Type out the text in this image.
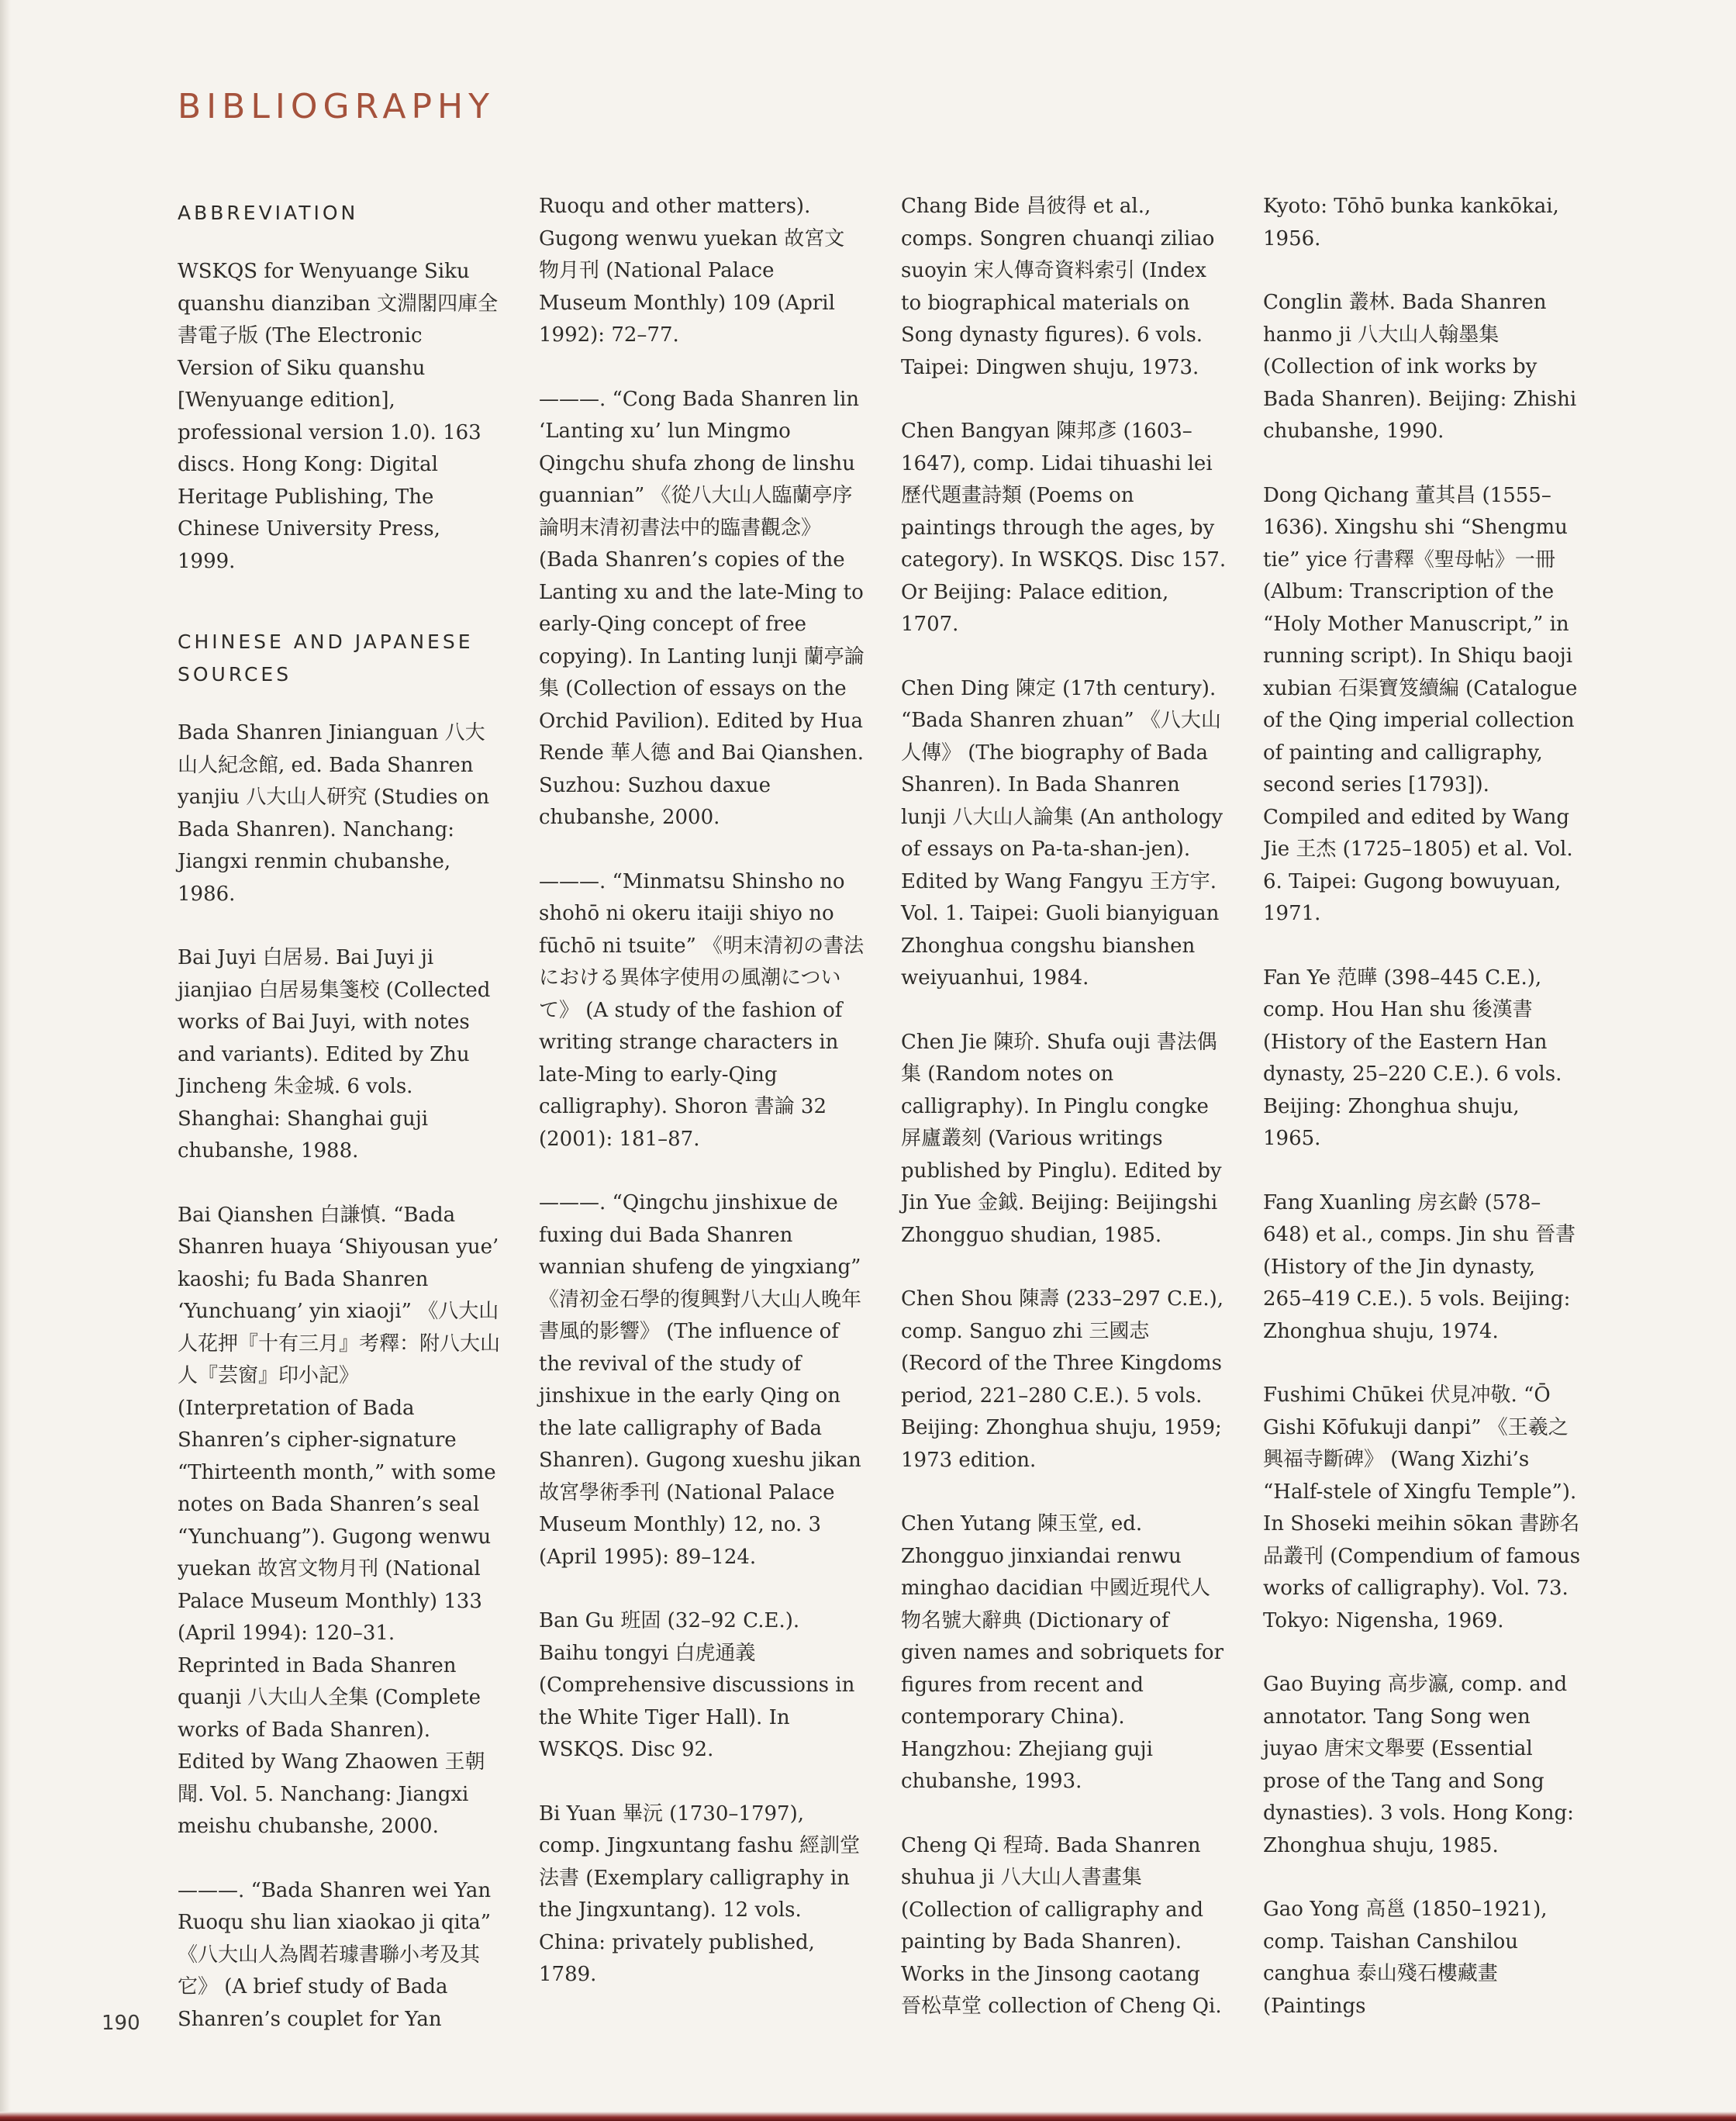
BIBLIOGRAPHY
ABBREVIATION

WSKQS for Wenyuange Siku quanshu dianziban 文淵閣四庫全書電子版 (The Electronic Version of Siku quanshu [Wenyuange edition], professional version 1.0). 163 discs. Hong Kong: Digital Heritage Publishing, The Chinese University Press, 1999.

CHINESE AND JAPANESE SOURCES

Bada Shanren Jinianguan 八大山人紀念館, ed. Bada Shanren yanjiu 八大山人研究 (Studies on Bada Shanren). Nanchang: Jiangxi renmin chubanshe, 1986.

Bai Juyi 白居易. Bai Juyi ji jianjiao 白居易集箋校 (Collected works of Bai Juyi, with notes and variants). Edited by Zhu Jincheng 朱金城. 6 vols. Shanghai: Shanghai guji chubanshe, 1988.

Bai Qianshen 白謙慎. “Bada Shanren huaya ‘Shiyousan yue’ kaoshi; fu Bada Shanren ‘Yunchuang’ yin xiaoji” 《八大山人花押『十有三月』考釋：附八大山人『芸窗』印小記》 (Interpretation of Bada Shanren’s cipher-signature “Thirteenth month,” with some notes on Bada Shanren’s seal “Yunchuang”). Gugong wenwu yuekan 故宮文物月刊 (National Palace Museum Monthly) 133 (April 1994): 120–31. Reprinted in Bada Shanren quanji 八大山人全集 (Complete works of Bada Shanren). Edited by Wang Zhaowen 王朝聞. Vol. 5. Nanchang: Jiangxi meishu chubanshe, 2000.

———. “Bada Shanren wei Yan Ruoqu shu lian xiaokao ji qita” 《八大山人為閻若璩書聯小考及其它》 (A brief study of Bada Shanren’s couplet for Yan

Ruoqu and other matters). Gugong wenwu yuekan 故宮文物月刊 (National Palace Museum Monthly) 109 (April 1992): 72–77.

———. “Cong Bada Shanren lin ‘Lanting xu’ lun Mingmo Qingchu shufa zhong de linshu guannian” 《從八大山人臨蘭亭序論明末清初書法中的臨書觀念》 (Bada Shanren’s copies of the Lanting xu and the late-Ming to early-Qing concept of free copying). In Lanting lunji 蘭亭論集 (Collection of essays on the Orchid Pavilion). Edited by Hua Rende 華人德 and Bai Qianshen. Suzhou: Suzhou daxue chubanshe, 2000.

———. “Minmatsu Shinsho no shohō ni okeru itaiji shiyo no fūchō ni tsuite” 《明末清初の書法における異体字使用の風潮について》 (A study of the fashion of writing strange characters in late-Ming to early-Qing calligraphy). Shoron 書論 32 (2001): 181–87.

———. “Qingchu jinshixue de fuxing dui Bada Shanren wannian shufeng de yingxiang” 《清初金石學的復興對八大山人晚年書風的影響》 (The influence of the revival of the study of jinshixue in the early Qing on the late calligraphy of Bada Shanren). Gugong xueshu jikan 故宮學術季刊 (National Palace Museum Monthly) 12, no. 3 (April 1995): 89–124.

Ban Gu 班固 (32–92 C.E.). Baihu tongyi 白虎通義 (Comprehensive discussions in the White Tiger Hall). In WSKQS. Disc 92.

Bi Yuan 畢沅 (1730–1797), comp. Jingxuntang fashu 經訓堂法書 (Exemplary calligraphy in the Jingxuntang). 12 vols. China: privately published, 1789.

Chang Bide 昌彼得 et al., comps. Songren chuanqi ziliao suoyin 宋人傳奇資料索引 (Index to biographical materials on Song dynasty figures). 6 vols. Taipei: Dingwen shuju, 1973.

Chen Bangyan 陳邦彥 (1603–1647), comp. Lidai tihuashi lei 歷代題畫詩類 (Poems on paintings through the ages, by category). In WSKQS. Disc 157. Or Beijing: Palace edition, 1707.

Chen Ding 陳定 (17th century). “Bada Shanren zhuan” 《八大山人傳》 (The biography of Bada Shanren). In Bada Shanren lunji 八大山人論集 (An anthology of essays on Pa-ta-shan-jen). Edited by Wang Fangyu 王方宇. Vol. 1. Taipei: Guoli bianyiguan Zhonghua congshu bianshen weiyuanhui, 1984.

Chen Jie 陳玠. Shufa ouji 書法偶集 (Random notes on calligraphy). In Pinglu congke 屏廬叢刻 (Various writings published by Pinglu). Edited by Jin Yue 金鉞. Beijing: Beijingshi Zhongguo shudian, 1985.

Chen Shou 陳壽 (233–297 C.E.), comp. Sanguo zhi 三國志 (Record of the Three Kingdoms period, 221–280 C.E.). 5 vols. Beijing: Zhonghua shuju, 1959; 1973 edition.

Chen Yutang 陳玉堂, ed. Zhongguo jinxiandai renwu minghao dacidian 中國近現代人物名號大辭典 (Dictionary of given names and sobriquets for figures from recent and contemporary China). Hangzhou: Zhejiang guji chubanshe, 1993.

Cheng Qi 程琦. Bada Shanren shuhua ji 八大山人書畫集 (Collection of calligraphy and painting by Bada Shanren). Works in the Jinsong caotang 晉松草堂 collection of Cheng Qi.

Kyoto: Tōhō bunka kankōkai, 1956.

Conglin 叢林. Bada Shanren hanmo ji 八大山人翰墨集 (Collection of ink works by Bada Shanren). Beijing: Zhishi chubanshe, 1990.

Dong Qichang 董其昌 (1555–1636). Xingshu shi “Shengmu tie” yice 行書釋《聖母帖》一冊 (Album: Transcription of the “Holy Mother Manuscript,” in running script). In Shiqu baoji xubian 石渠寶笈續編 (Catalogue of the Qing imperial collection of painting and calligraphy, second series [1793]). Compiled and edited by Wang Jie 王杰 (1725–1805) et al. Vol. 6. Taipei: Gugong bowuyuan, 1971.

Fan Ye 范曄 (398–445 C.E.), comp. Hou Han shu 後漢書 (History of the Eastern Han dynasty, 25–220 C.E.). 6 vols. Beijing: Zhonghua shuju, 1965.

Fang Xuanling 房玄齡 (578–648) et al., comps. Jin shu 晉書 (History of the Jin dynasty, 265–419 C.E.). 5 vols. Beijing: Zhonghua shuju, 1974.

Fushimi Chūkei 伏見冲敬. “Ō Gishi Kōfukuji danpi” 《王羲之興福寺斷碑》 (Wang Xizhi’s “Half-stele of Xingfu Temple”). In Shoseki meihin sōkan 書跡名品叢刊 (Compendium of famous works of calligraphy). Vol. 73. Tokyo: Nigensha, 1969.

Gao Buying 高步瀛, comp. and annotator. Tang Song wen juyao 唐宋文舉要 (Essential prose of the Tang and Song dynasties). 3 vols. Hong Kong: Zhonghua shuju, 1985.

Gao Yong 高邕 (1850–1921), comp. Taishan Canshilou canghua 泰山殘石樓藏畫 (Paintings

190
